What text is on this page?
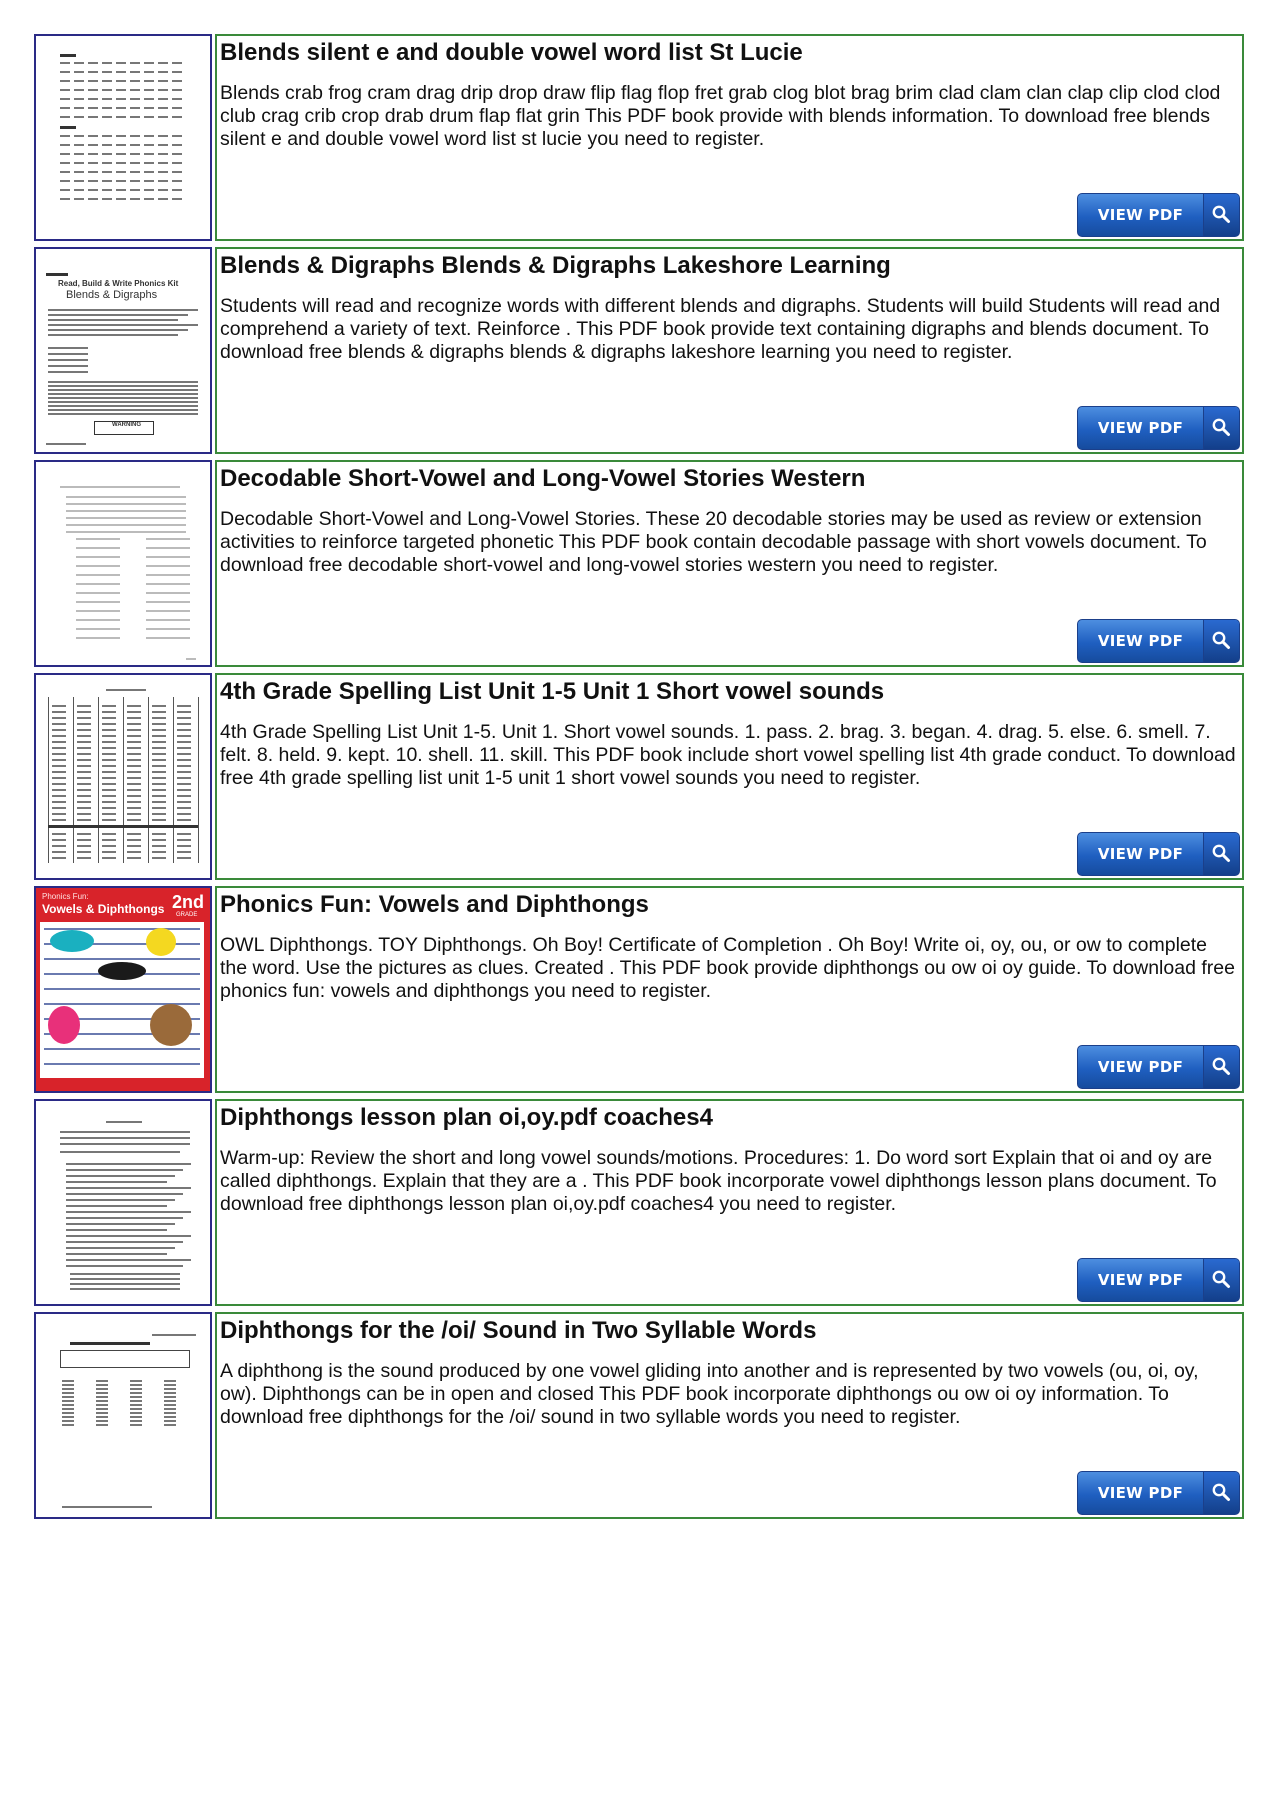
Blends silent e and double vowel word list St Lucie
Blends crab frog cram drag drip drop draw flip flag flop fret grab clog blot brag brim clad clam clan clap clip clod clod club crag crib crop drab drum flap flat grin This PDF book provide with blends information. To download free blends silent e and double vowel word list st lucie you need to register.
VIEW PDF
Read, Build & Write Phonics Kit
Blends & Digraphs
WARNING
Blends & Digraphs Blends & Digraphs Lakeshore Learning
Students will read and recognize words with different blends and digraphs. Students will build Students will read and comprehend a variety of text. Reinforce . This PDF book provide text containing digraphs and blends document. To download free blends & digraphs blends & digraphs lakeshore learning you need to register.
VIEW PDF
Decodable Short-Vowel and Long-Vowel Stories Western
Decodable Short-Vowel and Long-Vowel Stories. These 20 decodable stories may be used as review or extension activities to reinforce targeted phonetic This PDF book contain decodable passage with short vowels document. To download free decodable short-vowel and long-vowel stories western you need to register.
VIEW PDF
4th Grade Spelling List Unit 1-5 Unit 1 Short vowel sounds
4th Grade Spelling List Unit 1-5. Unit 1. Short vowel sounds. 1. pass. 2. brag. 3. began. 4. drag. 5. else. 6. smell. 7. felt. 8. held. 9. kept. 10. shell. 11. skill. This PDF book include short vowel spelling list 4th grade conduct. To download free 4th grade spelling list unit 1-5 unit 1 short vowel sounds you need to register.
VIEW PDF
Phonics Fun:
Vowels & Diphthongs 2nd
GRADE Phonics Fun: Vowels and Diphthongs
OWL Diphthongs. TOY Diphthongs. Oh Boy! Certificate of Completion . Oh Boy! Write oi, oy, ou, or ow to complete the word. Use the pictures as clues. Created . This PDF book provide diphthongs ou ow oi oy guide. To download free phonics fun: vowels and diphthongs you need to register.
VIEW PDF
Diphthongs lesson plan oi,oy.pdf coaches4
Warm-up: Review the short and long vowel sounds/motions. Procedures: 1. Do word sort Explain that oi and oy are called diphthongs. Explain that they are a . This PDF book incorporate vowel diphthongs lesson plans document. To download free diphthongs lesson plan oi,oy.pdf coaches4 you need to register.
VIEW PDF
Diphthongs for the /oi/ Sound in Two Syllable Words
A diphthong is the sound produced by one vowel gliding into another and is represented by two vowels (ou, oi, oy, ow). Diphthongs can be in open and closed This PDF book incorporate diphthongs ou ow oi oy information. To download free diphthongs for the /oi/ sound in two syllable words you need to register.
VIEW PDF
